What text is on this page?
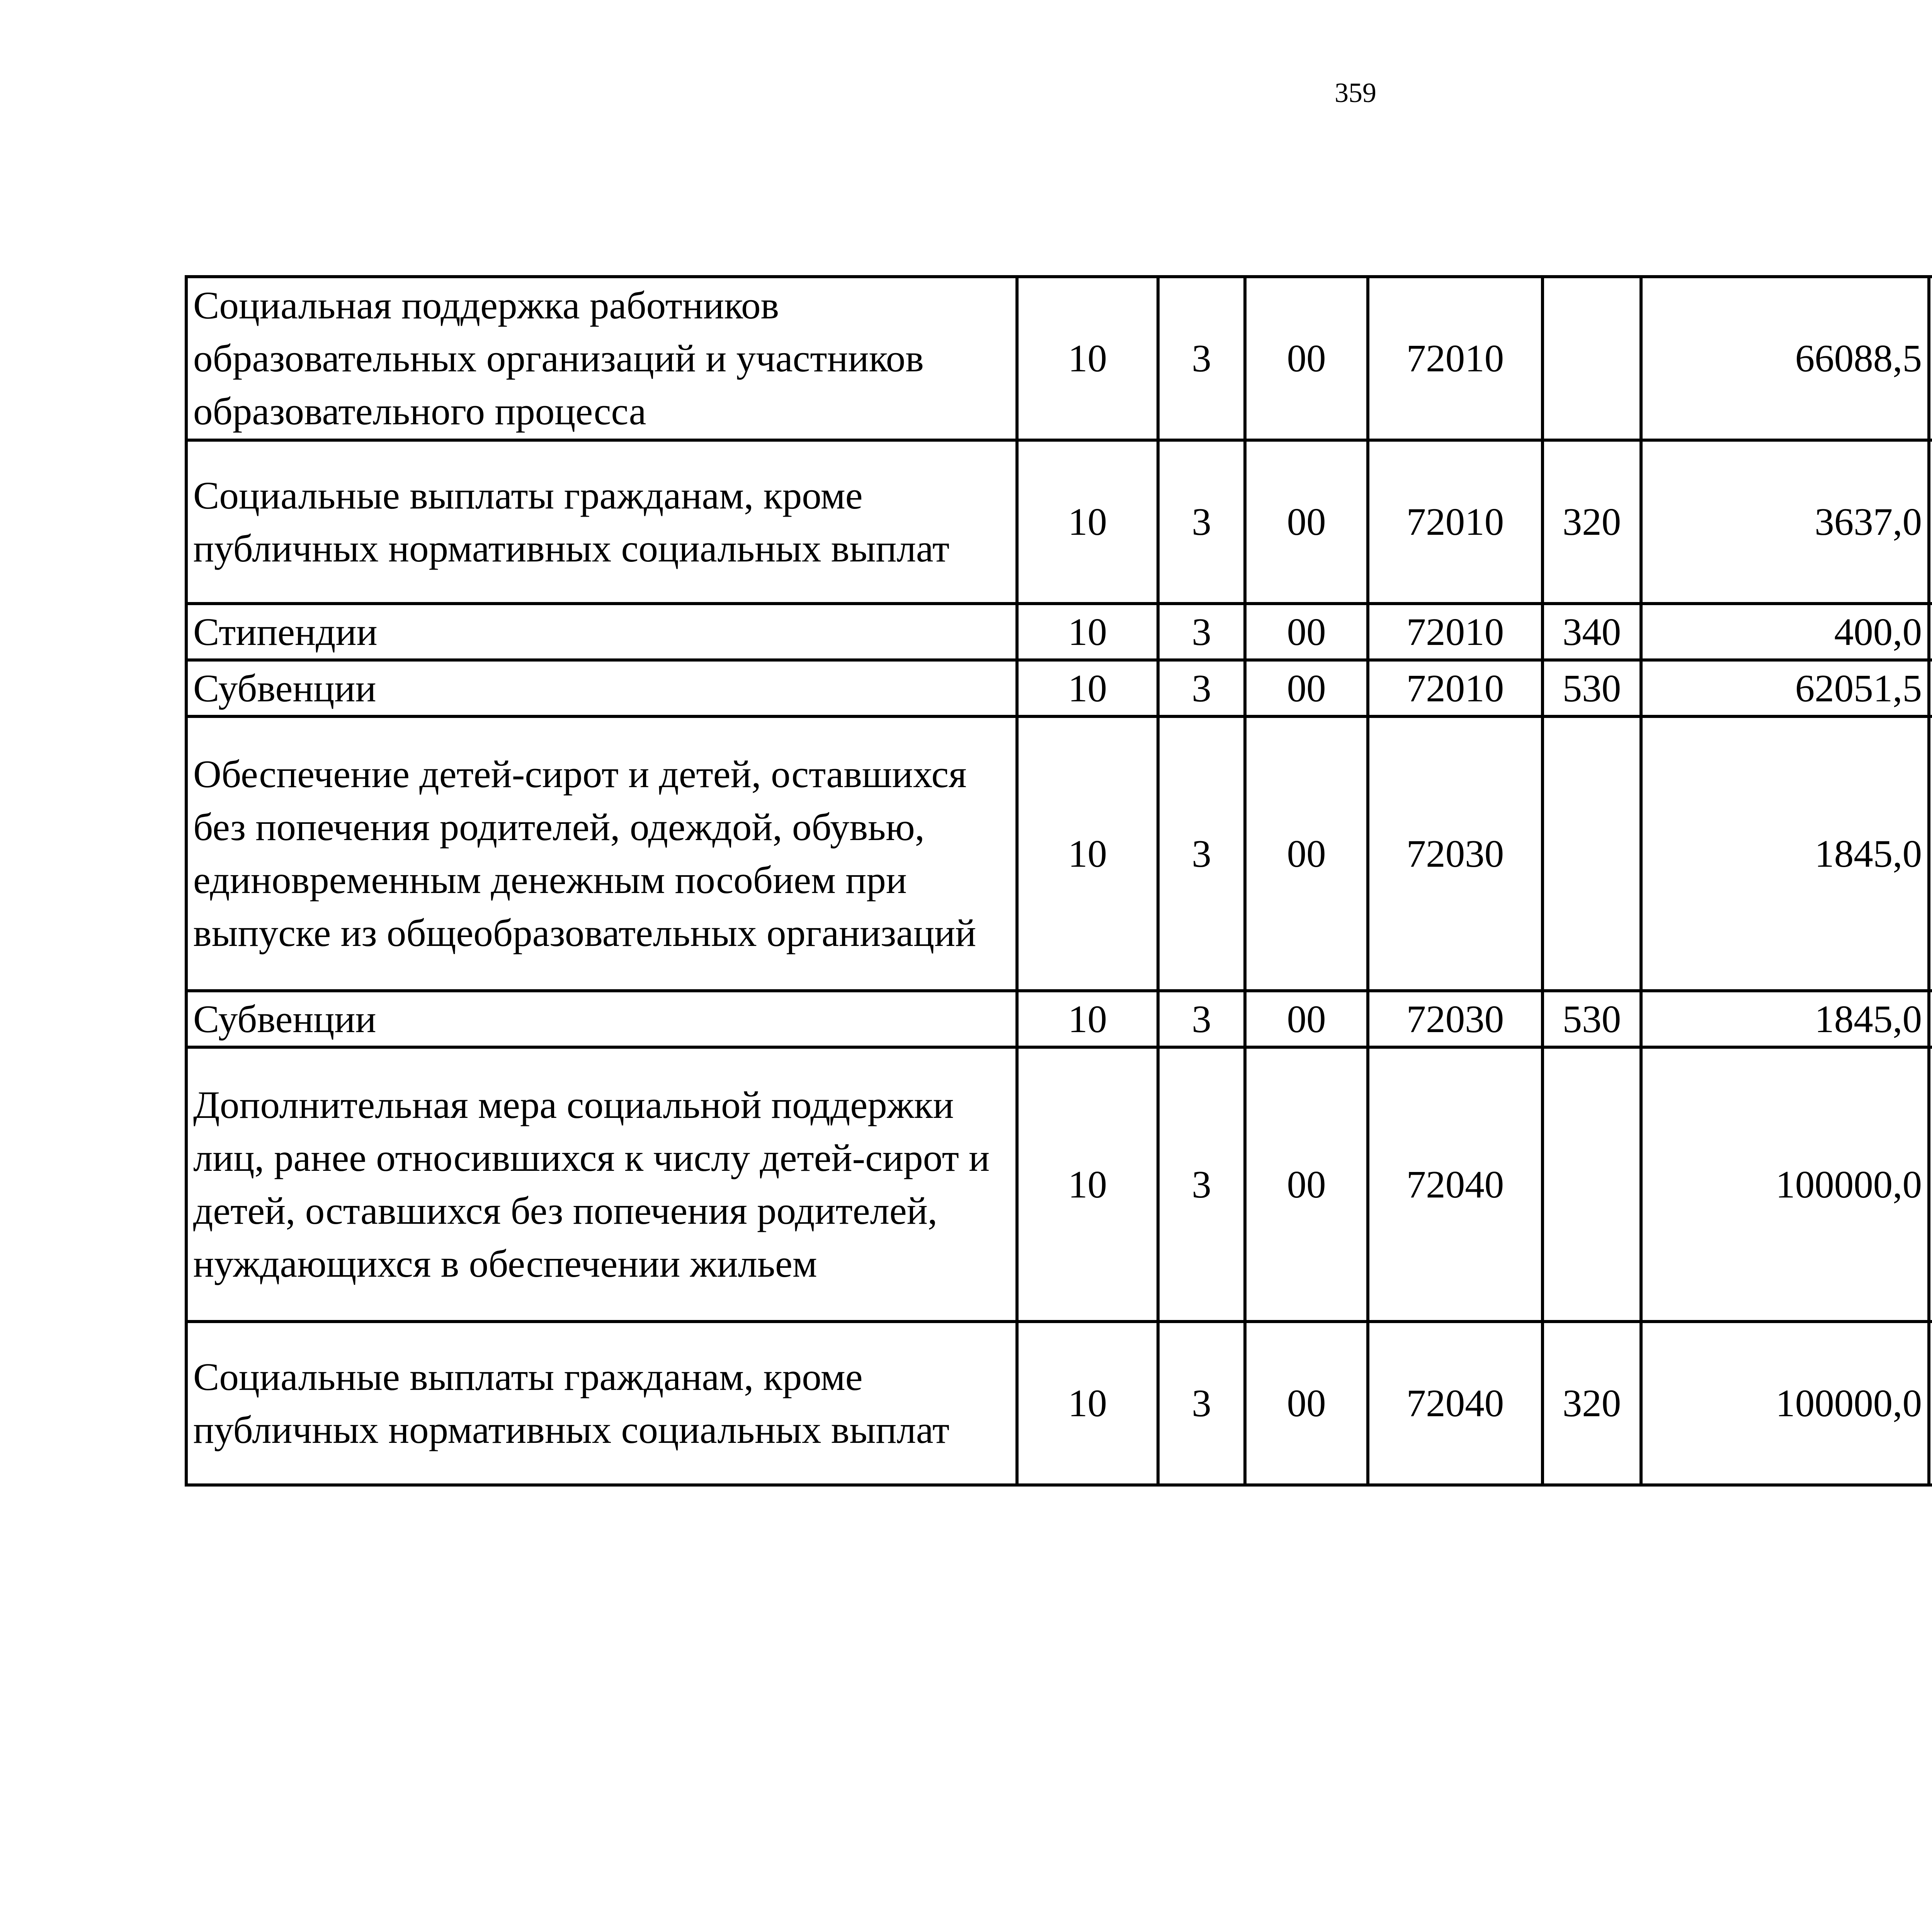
359
Социальная поддержка работников образовательных организаций и участников образовательного процесса	10	3	00	72010		66088,5		
Социальные выплаты гражданам, кроме публичных нормативных социальных выплат	10	3	00	72010	320	3637,0		
Стипендии	10	3	00	72010	340	400,0		
Субвенции	10	3	00	72010	530	62051,5		
Обеспечение детей-сирот и детей, оставшихся без попечения родителей, одеждой, обувью, единовременным денежным пособием при выпуске из общеобразовательных организаций	10	3	00	72030		1845,0		
Субвенции	10	3	00	72030	530	1845,0		
Дополнительная мера социальной поддержки лиц, ранее относившихся к числу детей-сирот и детей, оставшихся без попечения родителей, нуждающихся в обеспечении жильем	10	3	00	72040		100000,0		
Социальные выплаты гражданам, кроме публичных нормативных социальных выплат	10	3	00	72040	320	100000,0		
